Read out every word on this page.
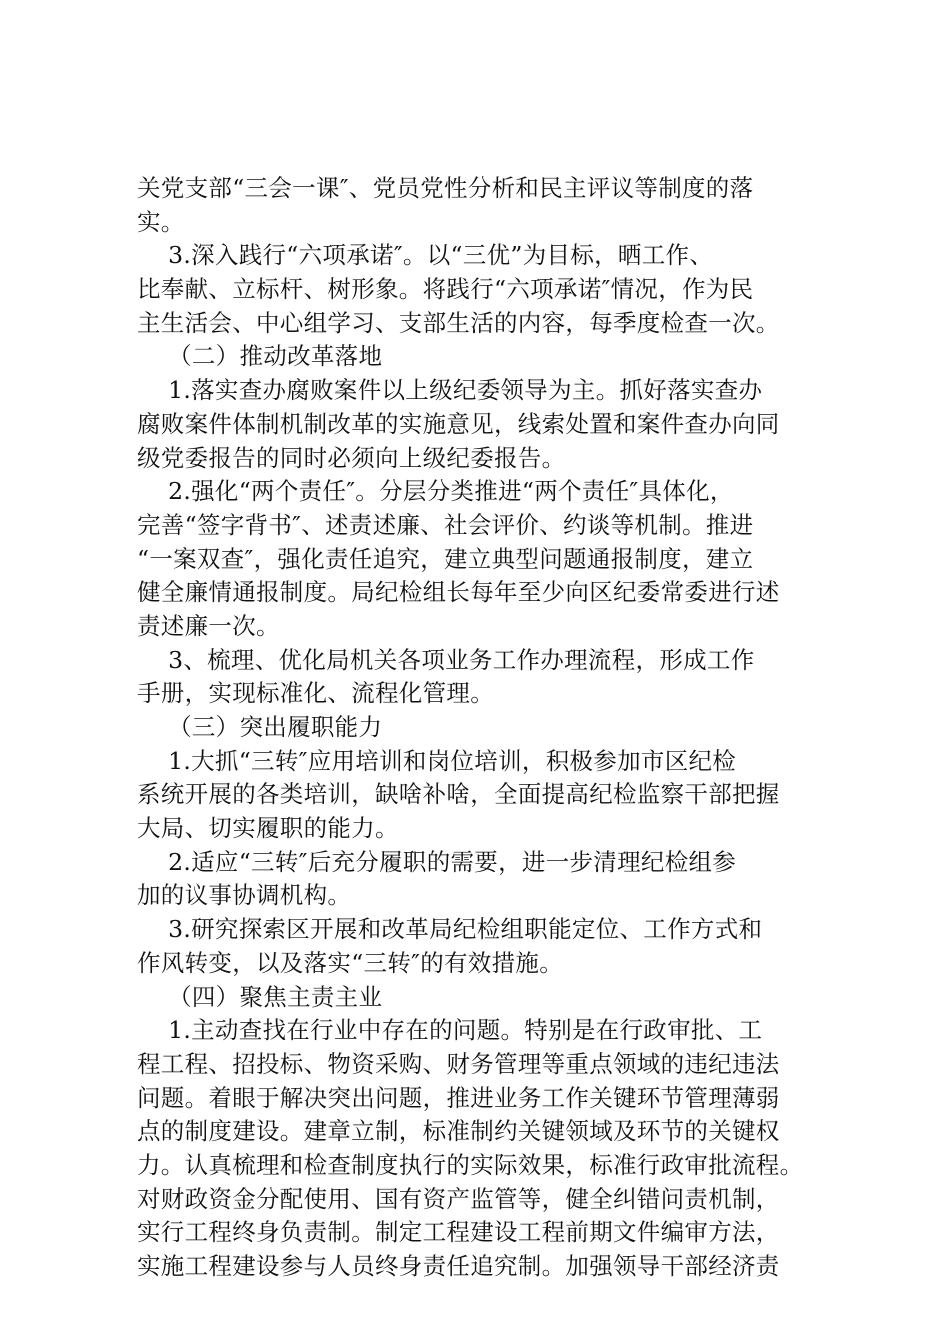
关党支部“三会一课″、党员党性分析和民主评议等制度的落
实。
3.深入践行“六项承诺″。以“三优”为目标，晒工作、
比奉献、立标杆、树形象。将践行“六项承诺″情况，作为民
主生活会、中心组学习、支部生活的内容，每季度检查一次。
（二）推动改革落地
1.落实查办腐败案件以上级纪委领导为主。抓好落实查办
腐败案件体制机制改革的实施意见，线索处置和案件查办向同
级党委报告的同时必须向上级纪委报告。
2.强化“两个责任″。分层分类推进“两个责任″具体化，
完善“签字背书″、述责述廉、社会评价、约谈等机制。推进
“一案双查″，强化责任追究，建立典型问题通报制度，建立
健全廉情通报制度。局纪检组长每年至少向区纪委常委进行述
责述廉一次。
3、梳理、优化局机关各项业务工作办理流程，形成工作
手册，实现标准化、流程化管理。
（三）突出履职能力
1.大抓“三转″应用培训和岗位培训，积极参加市区纪检
系统开展的各类培训，缺啥补啥，全面提高纪检监察干部把握
大局、切实履职的能力。
2.适应“三转″后充分履职的需要，进一步清理纪检组参
加的议事协调机构。
3.研究探索区开展和改革局纪检组职能定位、工作方式和
作风转变，以及落实“三转″的有效措施。
（四）聚焦主责主业
1.主动查找在行业中存在的问题。特别是在行政审批、工
程工程、招投标、物资采购、财务管理等重点领域的违纪违法
问题。着眼于解决突出问题，推进业务工作关键环节管理薄弱
点的制度建设。建章立制，标准制约关键领域及环节的关键权
力。认真梳理和检查制度执行的实际效果，标准行政审批流程。
对财政资金分配使用、国有资产监管等，健全纠错问责机制，
实行工程终身负责制。制定工程建设工程前期文件编审方法，
实施工程建设参与人员终身责任追究制。加强领导干部经济责
